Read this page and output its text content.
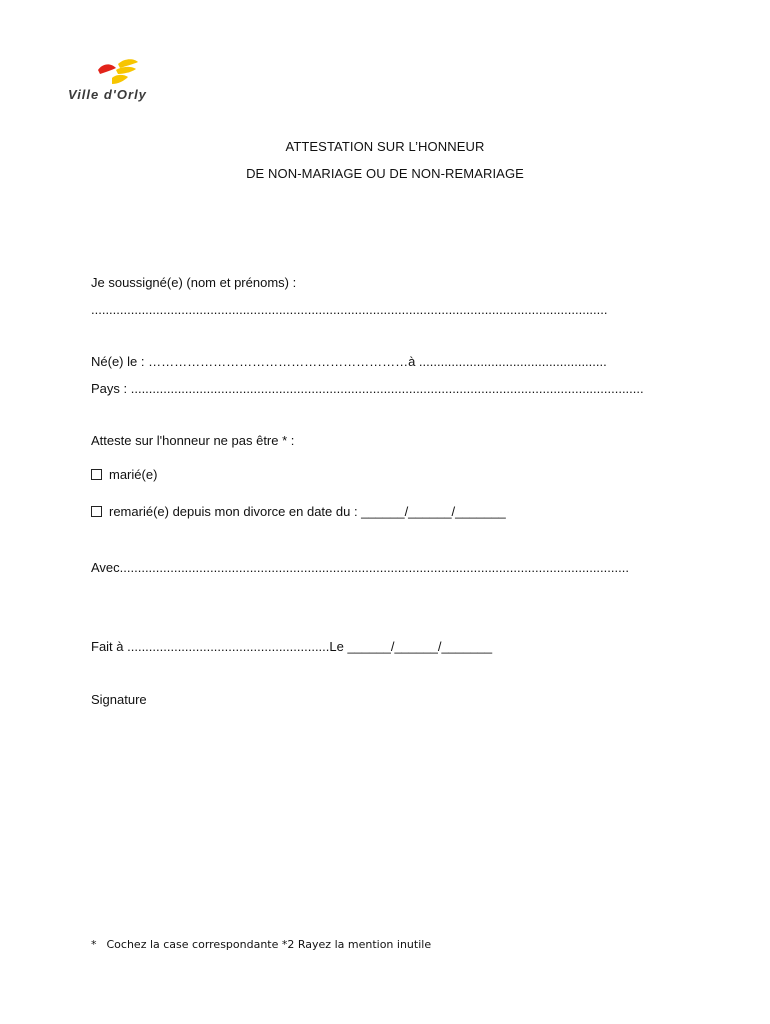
Ville d'Orly
ATTESTATION SUR L’HONNEUR
DE NON-MARIAGE OU DE NON-REMARIAGE
Je soussigné(e) (nom et prénoms) :
...............................................................................................................................................
Né(e) le : ……………………………………………………à ....................................................
Pays : ..............................................................................................................................................
Atteste sur l'honneur ne pas être * :
marié(e)
remarié(e) depuis mon divorce en date du : ______/______/_______
Avec.............................................................................................................................................
Fait à ........................................................Le ______/______/_______
Signature
* Cochez la case correspondante *2 Rayez la mention inutile
